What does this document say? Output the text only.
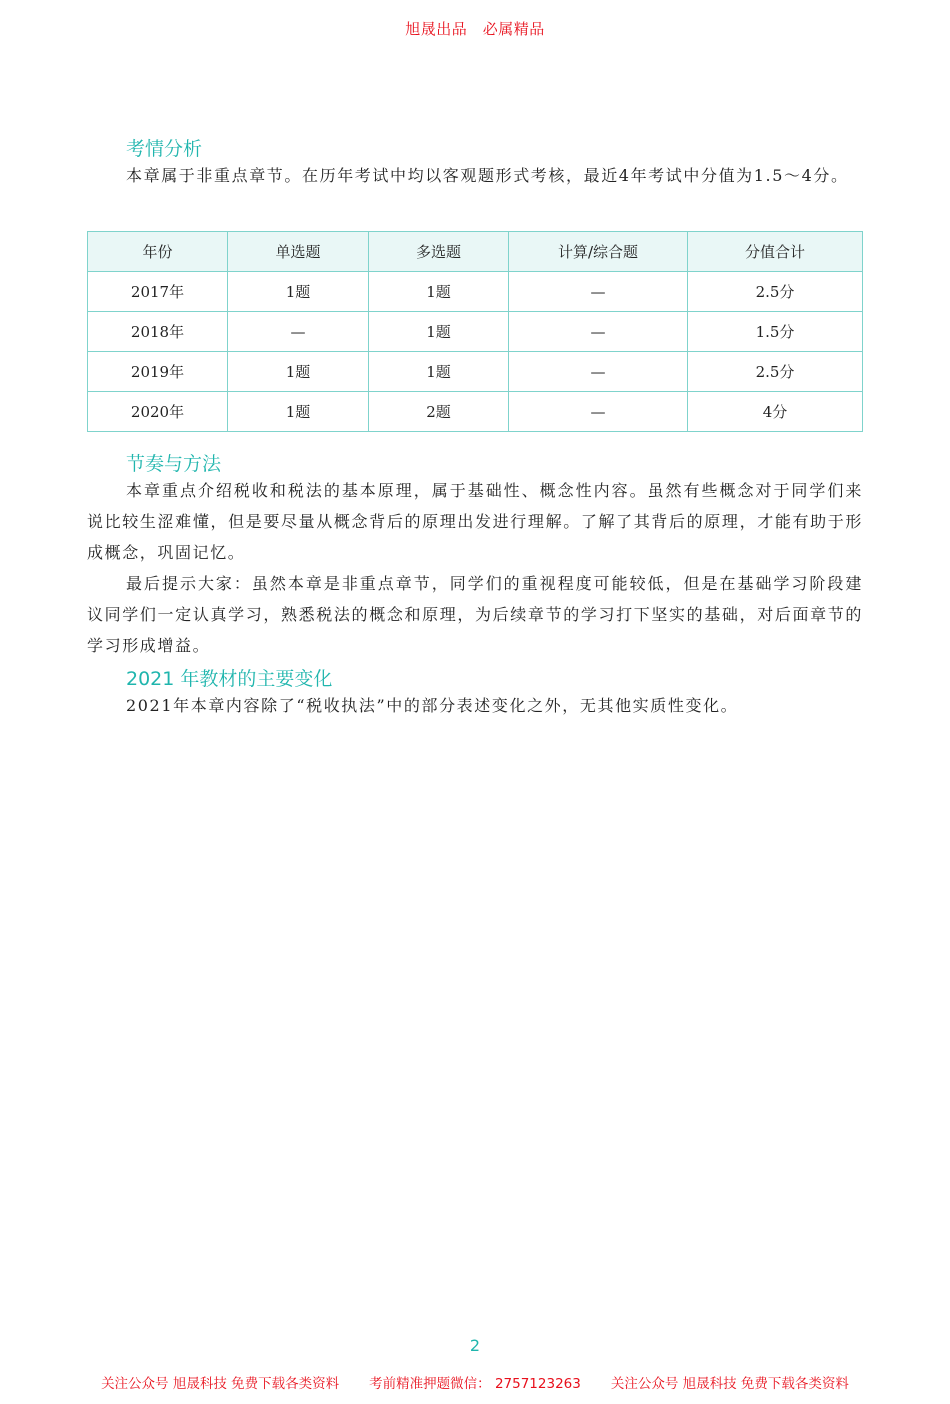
旭晟出品　必属精品
考情分析

本章属于非重点章节。在历年考试中均以客观题形式考核，最近4年考试中分值为1.5～4分。

年份	单选题	多选题	计算/综合题	分值合计
2017年	1题	1题	—	2.5分
2018年	—	1题	—	1.5分
2019年	1题	1题	—	2.5分
2020年	1题	2题	—	4分
节奏与方法

本章重点介绍税收和税法的基本原理，属于基础性、概念性内容。虽然有些概念对于同学们来说比较生涩难懂，但是要尽量从概念背后的原理出发进行理解。了解了其背后的原理，才能有助于形成概念，巩固记忆。

最后提示大家：虽然本章是非重点章节，同学们的重视程度可能较低，但是在基础学习阶段建议同学们一定认真学习，熟悉税法的概念和原理，为后续章节的学习打下坚实的基础，对后面章节的学习形成增益。

2021 年教材的主要变化

2021年本章内容除了“税收执法”中的部分表述变化之外，无其他实质性变化。

2
关注公众号 旭晟科技 免费下载各类资料 考前精准押题微信： 2757123263 关注公众号 旭晟科技 免费下载各类资料
